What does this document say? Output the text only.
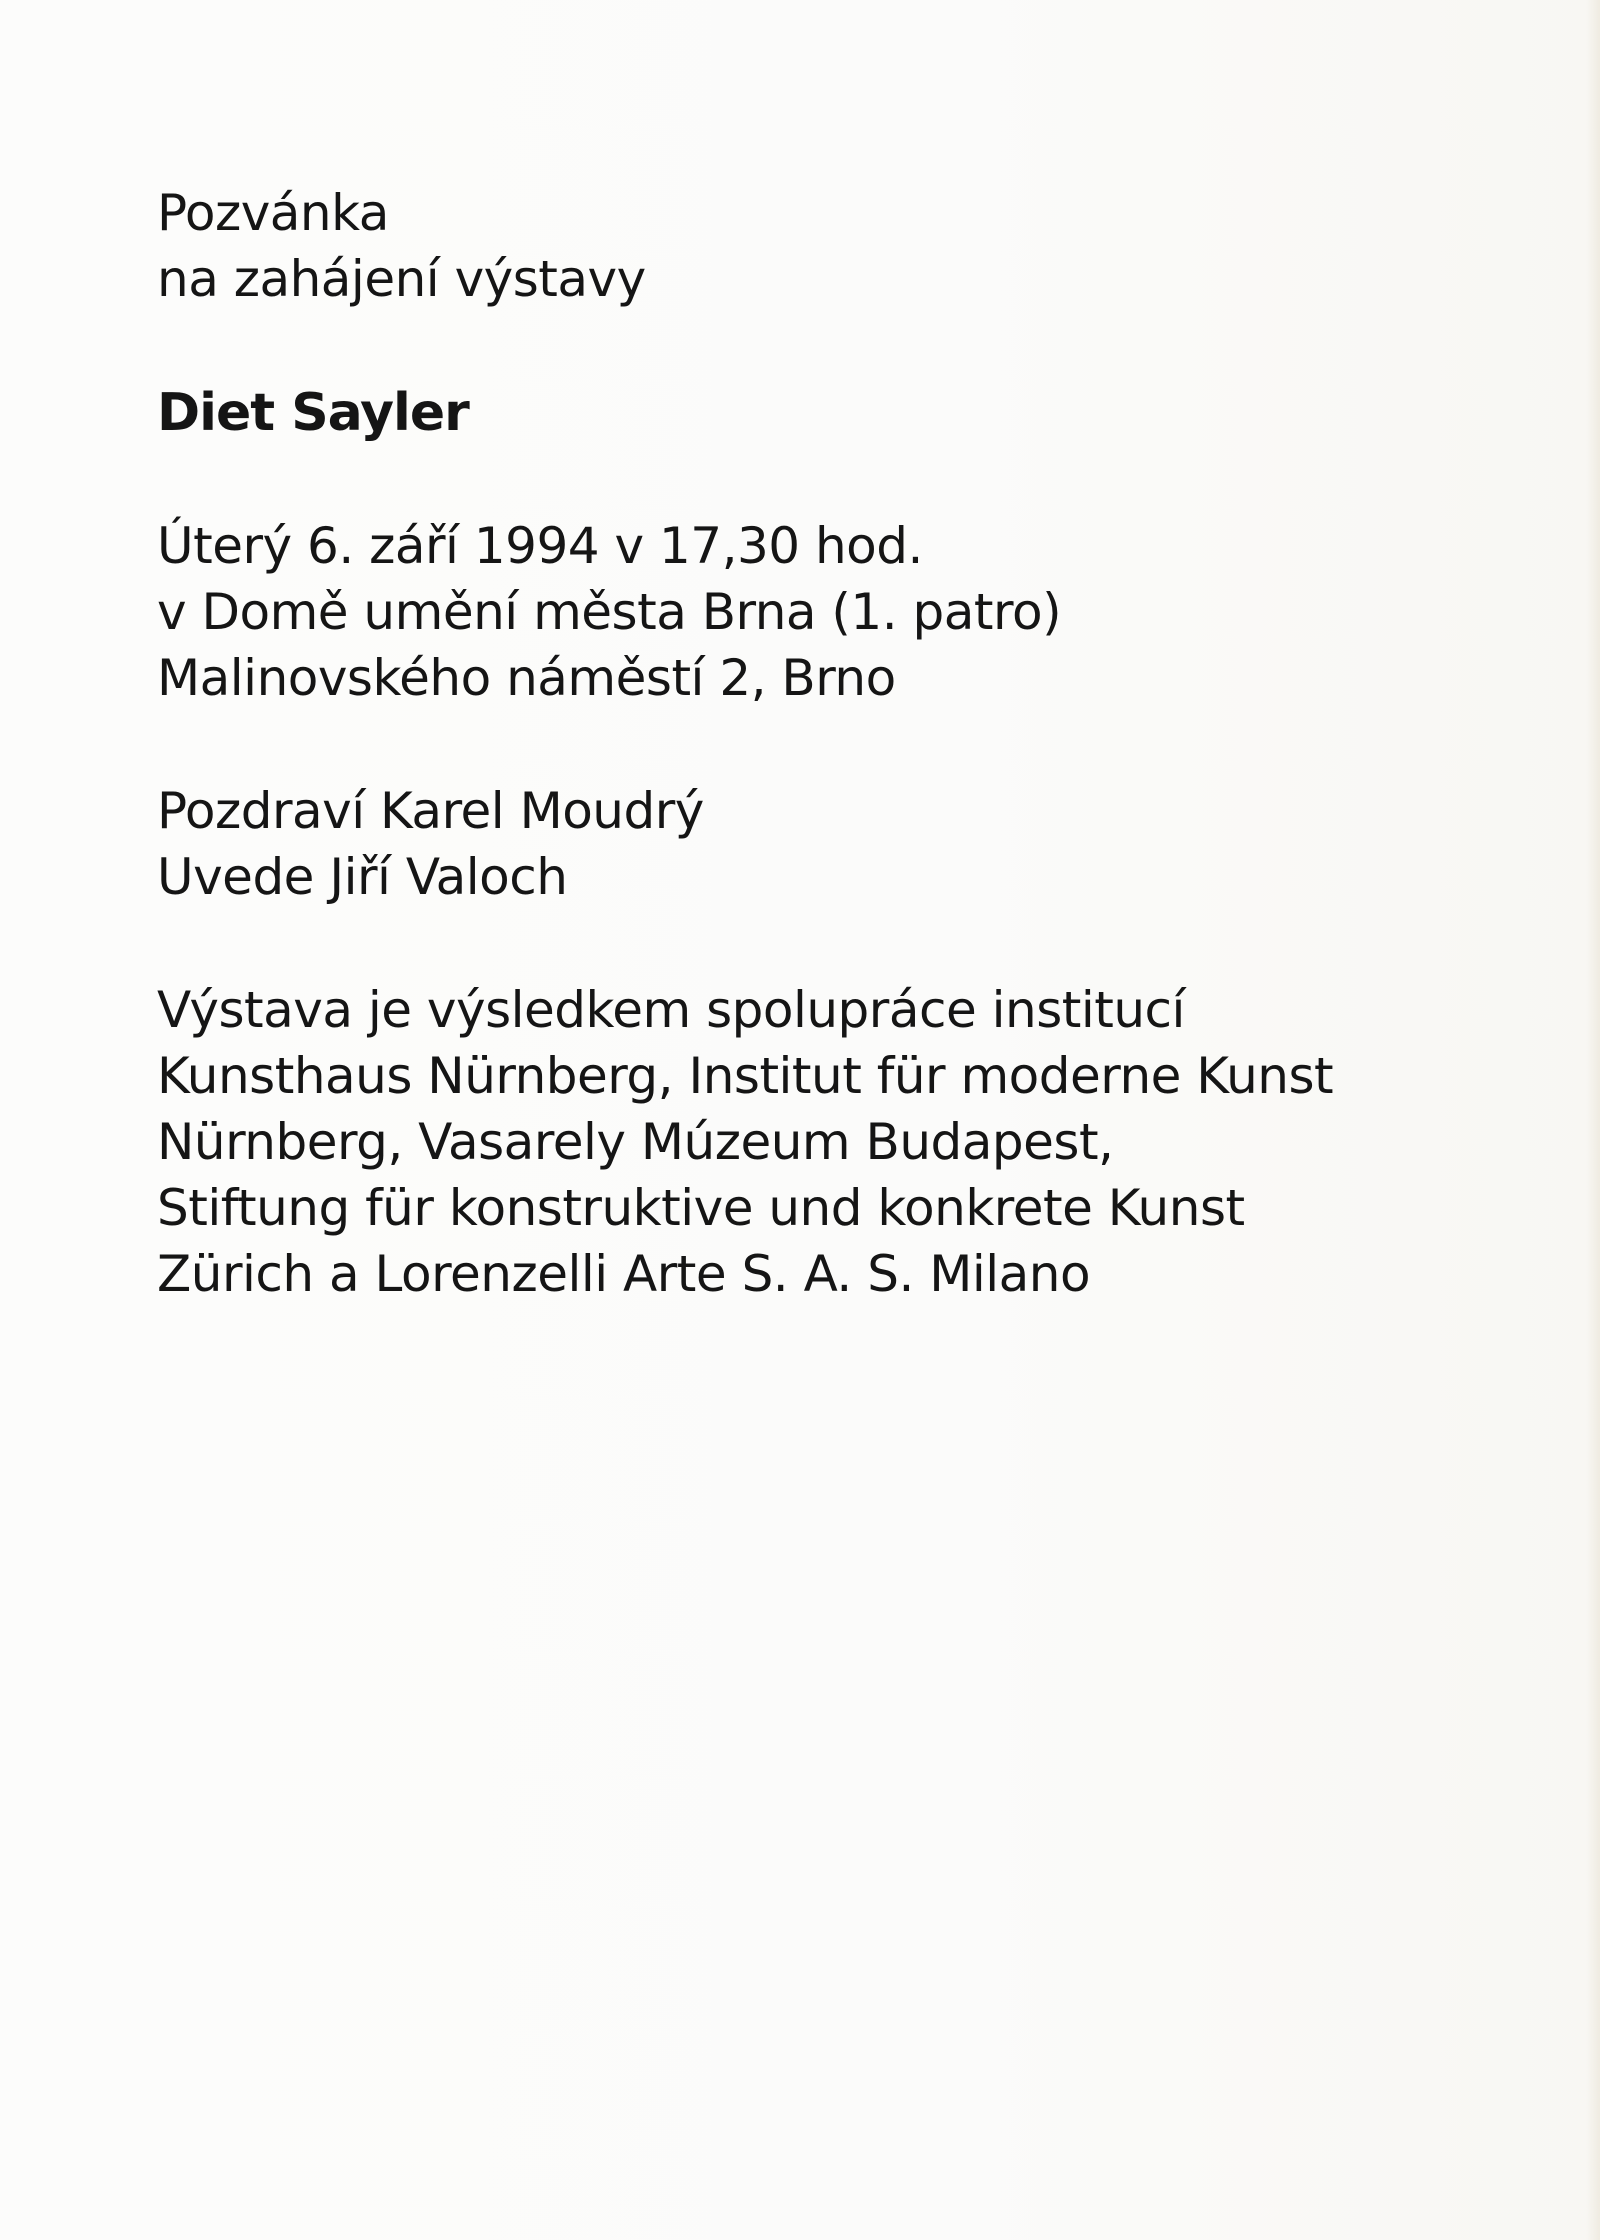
Pozvánka
na zahájení výstavy
Diet Sayler
Úterý 6. září 1994 v 17,30 hod.
v Domě umění města Brna (1. patro)
Malinovského náměstí 2, Brno
Pozdraví Karel Moudrý
Uvede Jiří Valoch
Výstava je výsledkem spolupráce institucí
Kunsthaus Nürnberg, Institut für moderne Kunst
Nürnberg, Vasarely Múzeum Budapest,
Stiftung für konstruktive und konkrete Kunst
Zürich a Lorenzelli Arte S. A. S. Milano
